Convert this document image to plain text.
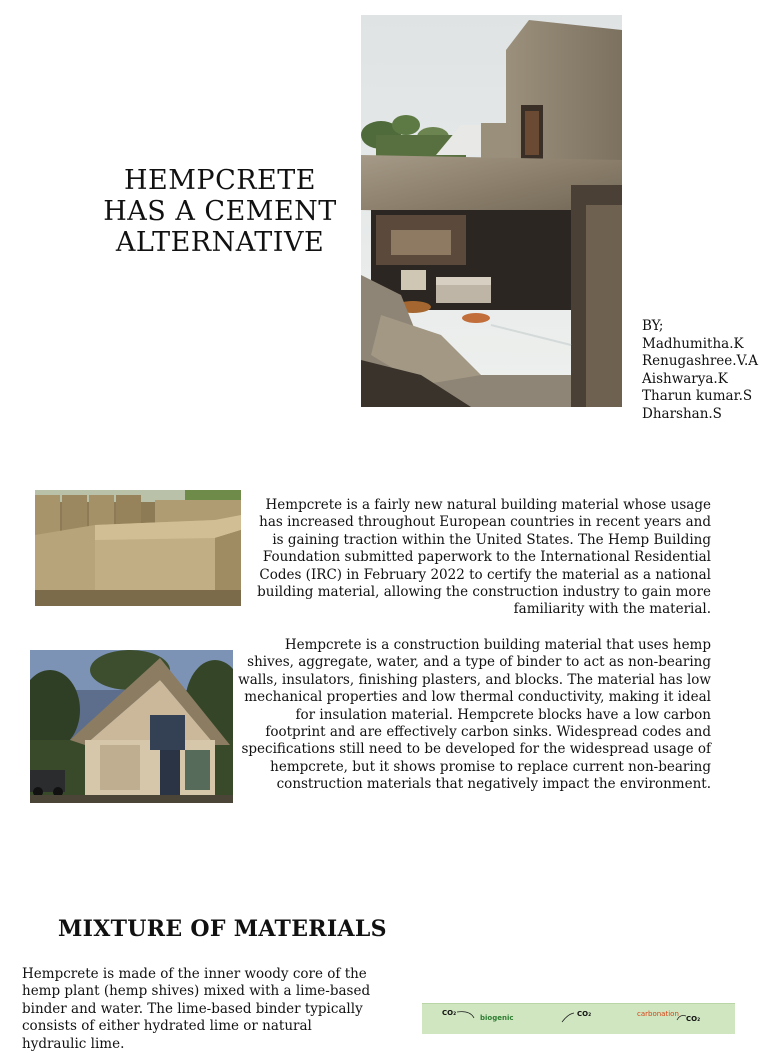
HEMPCRETE
HAS A CEMENT
ALTERNATIVE
BY;
Madhumitha.K
Renugashree.V.A
Aishwarya.K
Tharun kumar.S
Dharshan.S

Hempcrete is a fairly new natural building material whose usage has increased throughout European countries in recent years and is gaining traction within the United States. The Hemp Building Foundation submitted paperwork to the International Residential Codes (IRC) in February 2022 to certify the material as a national building material, allowing the construction industry to gain more familiarity with the material.

Hempcrete is a construction building material that uses hemp shives, aggregate, water, and a type of binder to act as non-bearing walls, insulators, finishing plasters, and blocks. The material has low mechanical properties and low thermal conductivity, making it ideal for insulation material. Hempcrete blocks have a low carbon footprint and are effectively carbon sinks. Widespread codes and specifications still need to be developed for the widespread usage of hempcrete, but it shows promise to replace current non-bearing construction materials that negatively impact the environment.

MIXTURE OF MATERIALS

Hempcrete is made of the inner woody core of the hemp plant (hemp shives) mixed with a lime-based binder and water. The lime-based binder typically consists of either hydrated lime or natural hydraulic lime.

CO₂
biogenic	CO₂	carbonation
CO₂
